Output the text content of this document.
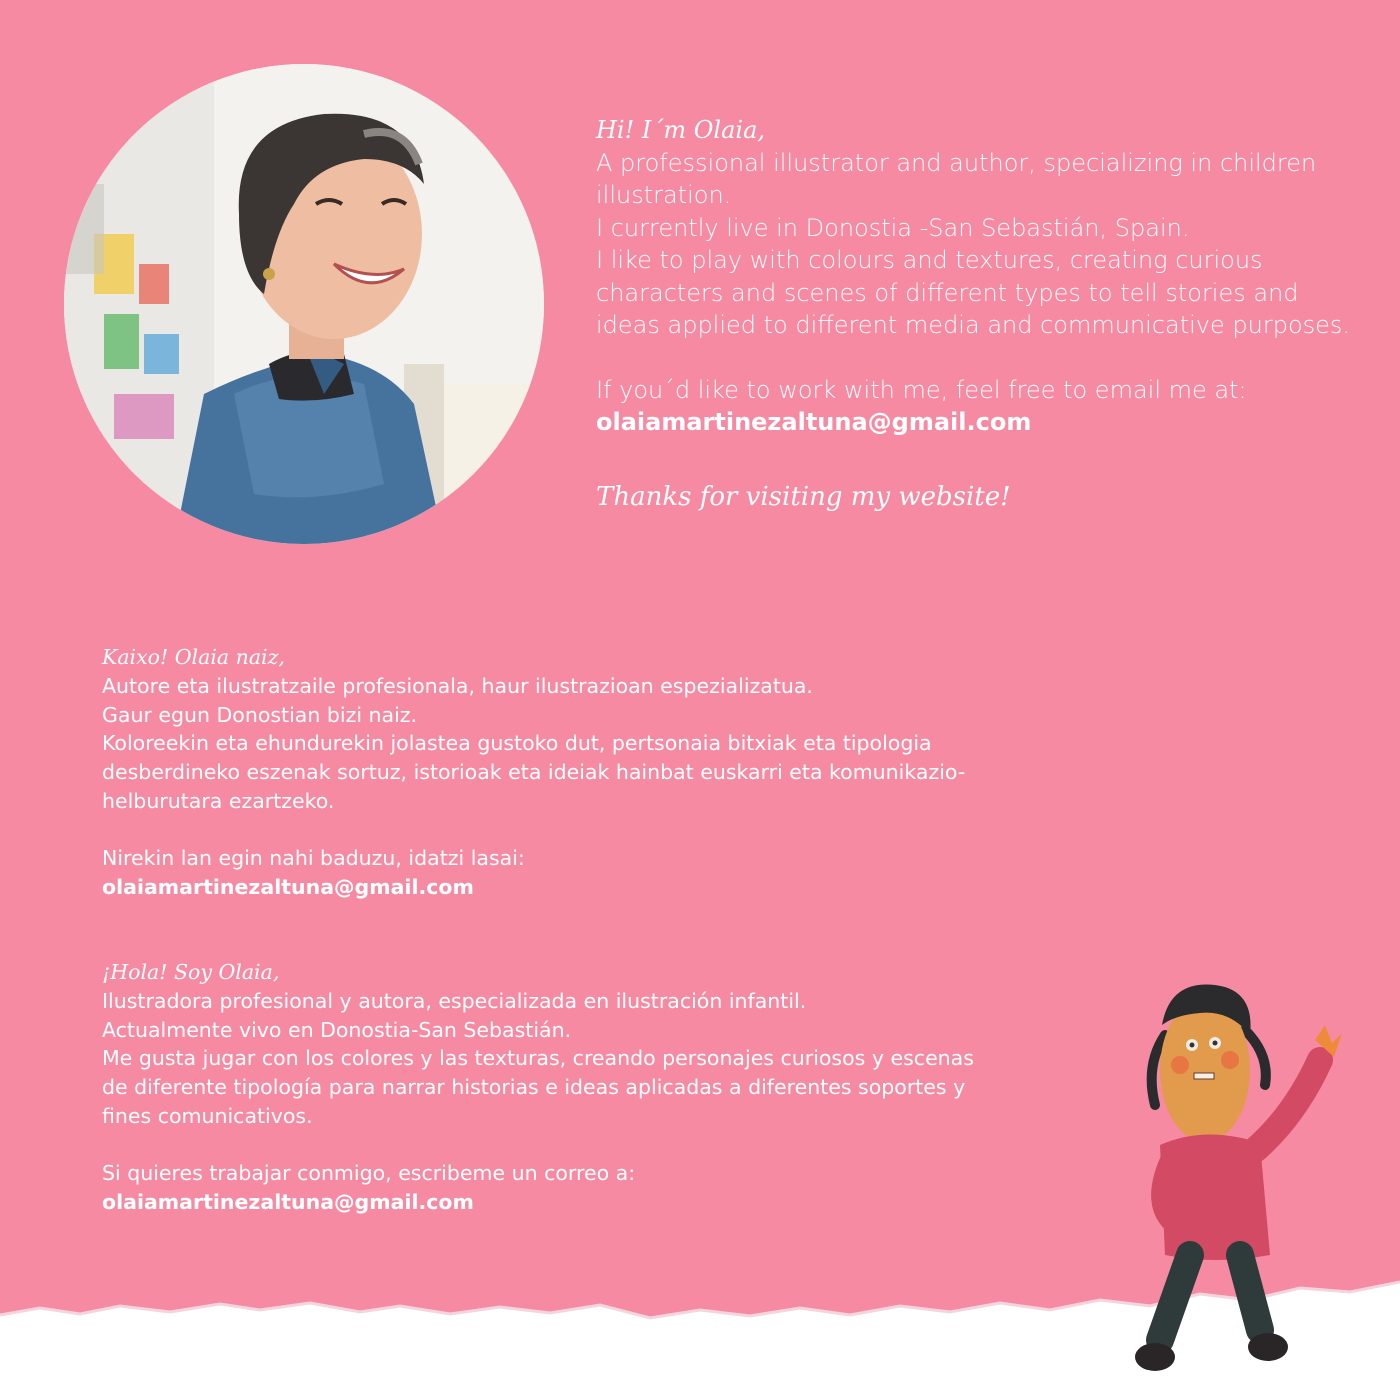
Hi! I´m Olaia,

A professional illustrator and author, specializing in children illustration.

I currently live in Donostia -San Sebastián, Spain.

I like to play with colours and textures, creating curious characters and scenes of different types to tell stories and ideas applied to different media and communicative purposes.

If you´d like to work with me, feel free to email me at:

olaiamartinezaltuna@gmail.com

Thanks for visiting my website!

Kaixo! Olaia naiz,

Autore eta ilustratzaile profesionala, haur ilustrazioan espezializatua.

Gaur egun Donostian bizi naiz.

Koloreekin eta ehundurekin jolastea gustoko dut, pertsonaia bitxiak eta tipologia desberdineko eszenak sortuz, istorioak eta ideiak hainbat euskarri eta komunikazio-helburutara ezartzeko.

Nirekin lan egin nahi baduzu, idatzi lasai:

olaiamartinezaltuna@gmail.com

¡Hola! Soy Olaia,

Ilustradora profesional y autora, especializada en ilustración infantil.

Actualmente vivo en Donostia-San Sebastián.

Me gusta jugar con los colores y las texturas, creando personajes curiosos y escenas de diferente tipología para narrar historias e ideas aplicadas a diferentes soportes y fines comunicativos.

Si quieres trabajar conmigo, escribeme un correo a:

olaiamartinezaltuna@gmail.com
